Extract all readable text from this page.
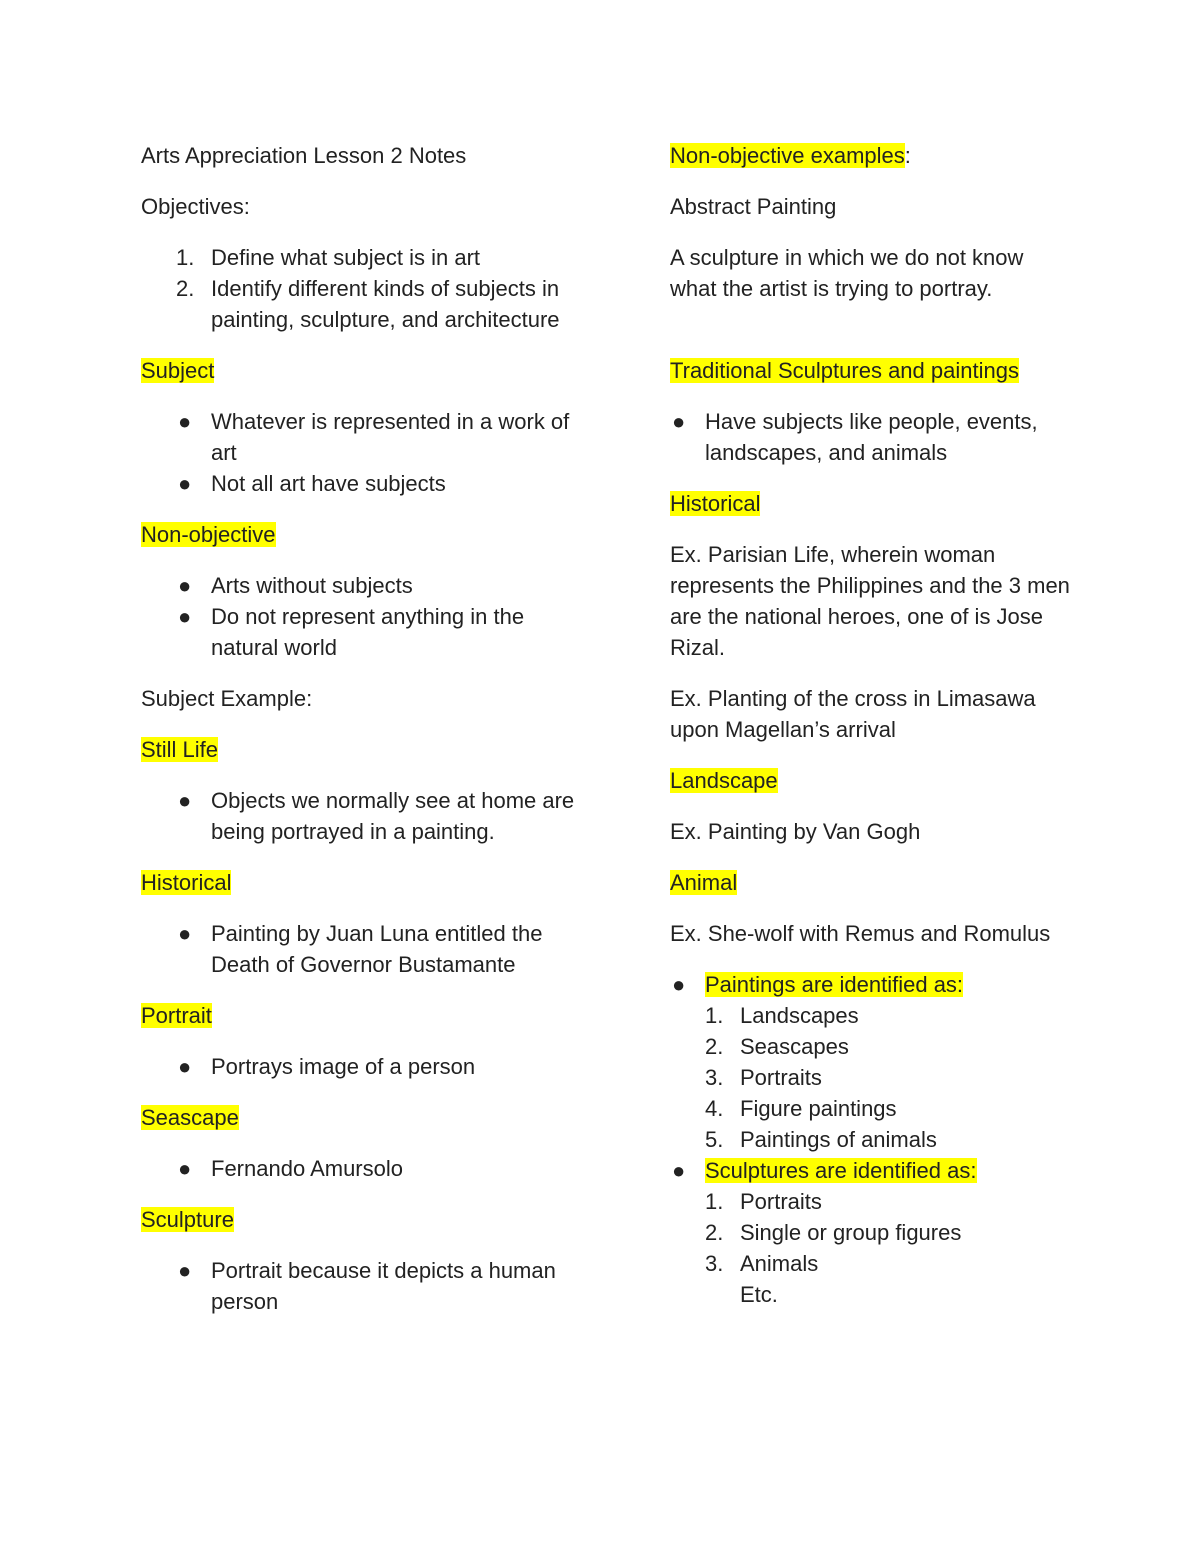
Arts Appreciation Lesson 2 Notes

Objectives:

1. Define what subject is in art
2. Identify different kinds of subjects in painting, sculpture, and architecture

Subject

● Whatever is represented in a work of art
● Not all art have subjects

Non-objective

● Arts without subjects
● Do not represent anything in the natural world

Subject Example:

Still Life

● Objects we normally see at home are being portrayed in a painting.

Historical

● Painting by Juan Luna entitled the Death of Governor Bustamante

Portrait

● Portrays image of a person

Seascape

● Fernando Amursolo

Sculpture

● Portrait because it depicts a human person

Non-objective examples:

Abstract Painting

A sculpture in which we do not know what the artist is trying to portray.

Traditional Sculptures and paintings

● Have subjects like people, events, landscapes, and animals

Historical

Ex. Parisian Life, wherein woman represents the Philippines and the 3 men are the national heroes, one of is Jose Rizal.

Ex. Planting of the cross in Limasawa upon Magellan’s arrival

Landscape

Ex. Painting by Van Gogh

Animal

Ex. She-wolf with Remus and Romulus

● Paintings are identified as:
1. Landscapes
2. Seascapes
3. Portraits
4. Figure paintings
5. Paintings of animals
● Sculptures are identified as:
1. Portraits
2. Single or group figures
3. Animals
Etc.
